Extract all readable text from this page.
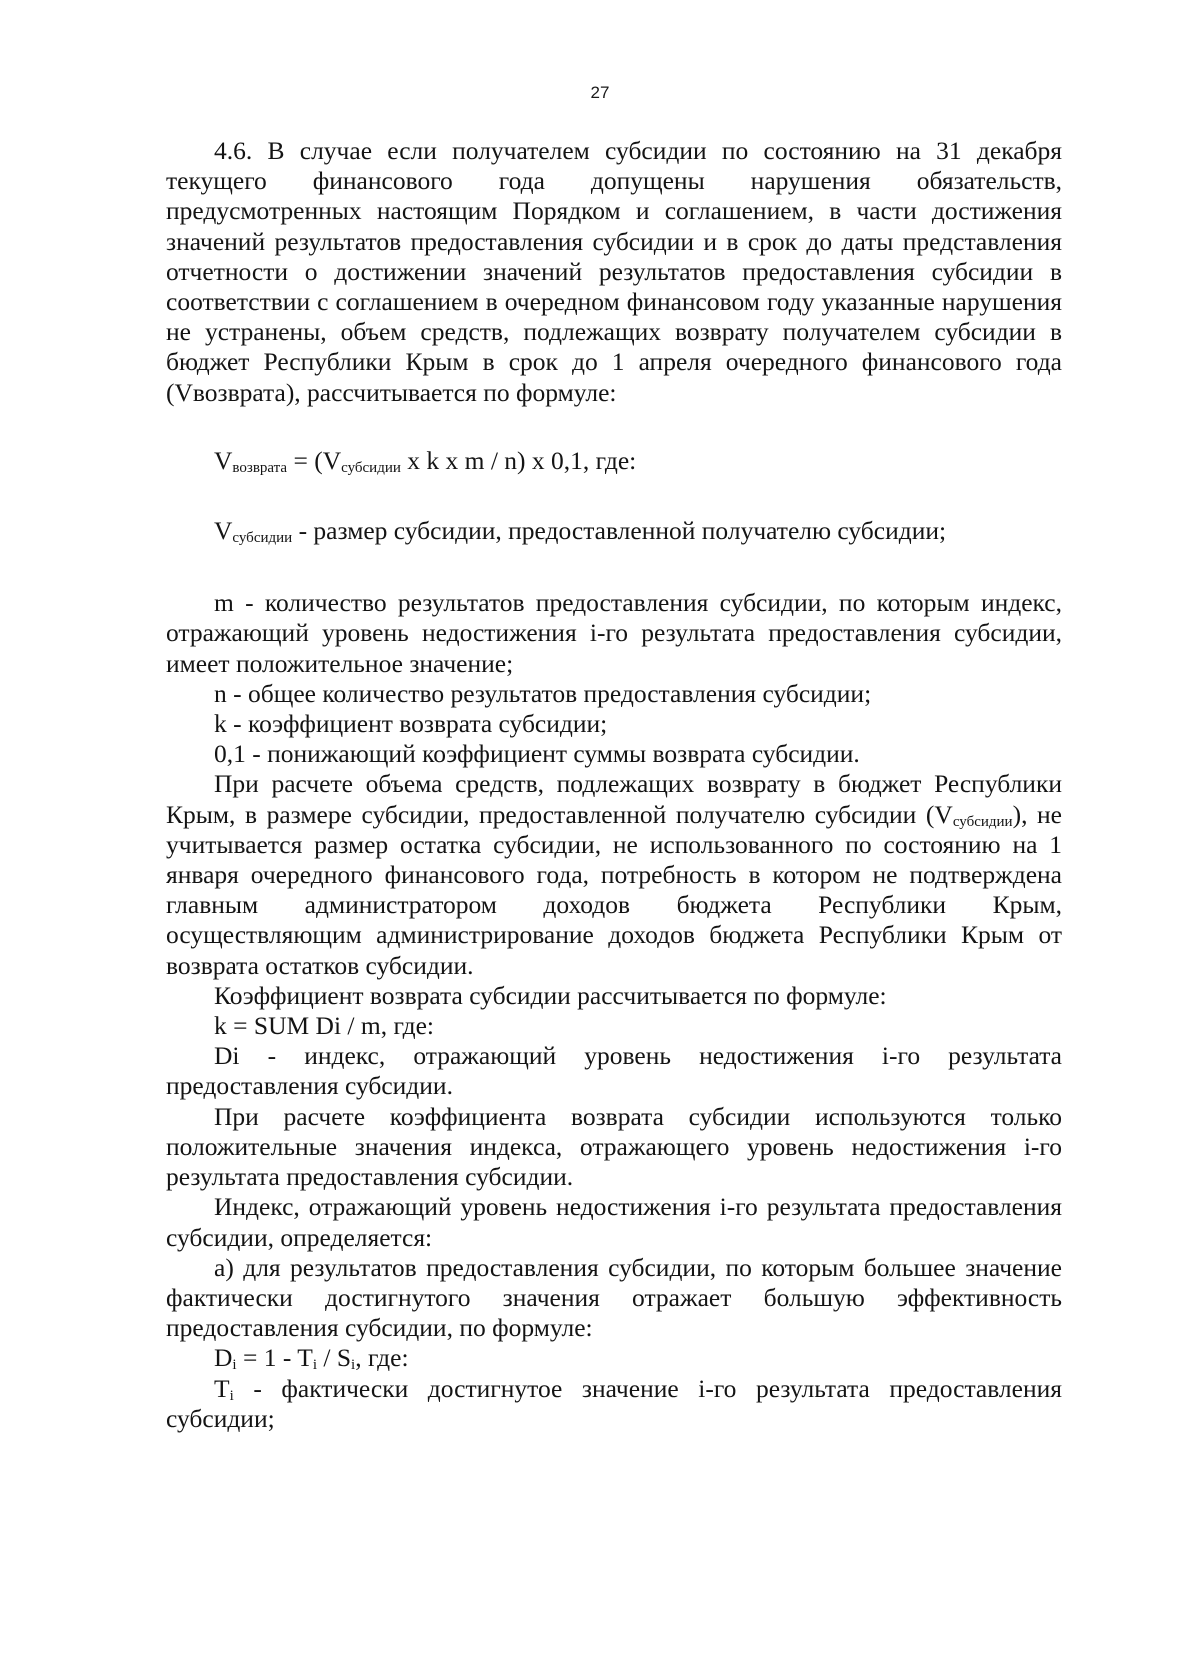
27

4.6. В случае если получателем субсидии по состоянию на 31 декабря текущего финансового года допущены нарушения обязательств, предусмотренных настоящим Порядком и соглашением, в части достижения значений результатов предоставления субсидии и в срок до даты представления отчетности о достижении значений результатов предоставления субсидии в соответствии с соглашением в очередном финансовом году указанные нарушения не устранены, объем средств, подлежащих возврату получателем субсидии в бюджет Республики Крым в срок до 1 апреля очередного финансового года (Vвозврата), рассчитывается по формуле:

$V_{возврата} = (V_{субсидии}$ x k x m / n) x 0,1, где:

$V_{субсидии}$ - размер субсидии, предоставленной получателю субсидии;

m - количество результатов предоставления субсидии, по которым индекс, отражающий уровень недостижения i-го результата предоставления субсидии, имеет положительное значение;

n - общее количество результатов предоставления субсидии;

k - коэффициент возврата субсидии;

0,1 - понижающий коэффициент суммы возврата субсидии.

При расчете объема средств, подлежащих возврату в бюджет Республики Крым, в размере субсидии, предоставленной получателю субсидии $(V_{субсидии})$, не учитывается размер остатка субсидии, не использованного по состоянию на 1 января очередного финансового года, потребность в котором не подтверждена главным администратором доходов бюджета Республики Крым, осуществляющим администрирование доходов бюджета Республики Крым от возврата остатков субсидии.

Коэффициент возврата субсидии рассчитывается по формуле:

k = SUM Di / m, где:

Di - индекс, отражающий уровень недостижения i-го результата предоставления субсидии.

При расчете коэффициента возврата субсидии используются только положительные значения индекса, отражающего уровень недостижения i-го результата предоставления субсидии.

Индекс, отражающий уровень недостижения i-го результата предоставления субсидии, определяется:

а) для результатов предоставления субсидии, по которым большее значение фактически достигнутого значения отражает большую эффективность предоставления субсидии, по формуле:

$D_i = 1 - T_i / S_i$, где:

$T_i$ - фактически достигнутое значение i-го результата предоставления субсидии;
